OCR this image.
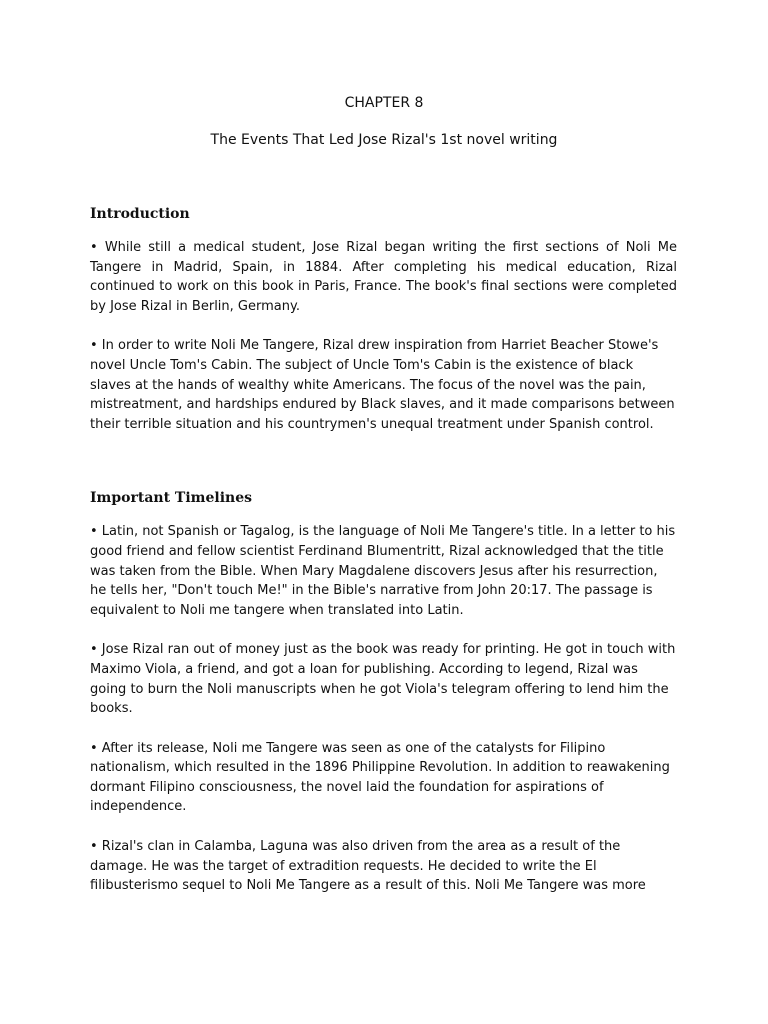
CHAPTER 8
The Events That Led Jose Rizal's 1st novel writing
Introduction

• While still a medical student, Jose Rizal began writing the first sections of Noli Me Tangere in Madrid, Spain, in 1884. After completing his medical education, Rizal continued to work on this book in Paris, France. The book's final sections were completed by Jose Rizal in Berlin, Germany.

• In order to write Noli Me Tangere, Rizal drew inspiration from Harriet Beacher Stowe's novel Uncle Tom's Cabin. The subject of Uncle Tom's Cabin is the existence of black slaves at the hands of wealthy white Americans. The focus of the novel was the pain, mistreatment, and hardships endured by Black slaves, and it made comparisons between their terrible situation and his countrymen's unequal treatment under Spanish control.

Important Timelines

• Latin, not Spanish or Tagalog, is the language of Noli Me Tangere's title. In a letter to his good friend and fellow scientist Ferdinand Blumentritt, Rizal acknowledged that the title was taken from the Bible. When Mary Magdalene discovers Jesus after his resurrection, he tells her, "Don't touch Me!" in the Bible's narrative from John 20:17. The passage is equivalent to Noli me tangere when translated into Latin.

• Jose Rizal ran out of money just as the book was ready for printing. He got in touch with Maximo Viola, a friend, and got a loan for publishing. According to legend, Rizal was going to burn the Noli manuscripts when he got Viola's telegram offering to lend him the books.

• After its release, Noli me Tangere was seen as one of the catalysts for Filipino nationalism, which resulted in the 1896 Philippine Revolution. In addition to reawakening dormant Filipino consciousness, the novel laid the foundation for aspirations of independence.

• Rizal's clan in Calamba, Laguna was also driven from the area as a result of the damage. He was the target of extradition requests. He decided to write the El filibusterismo sequel to Noli Me Tangere as a result of this. Noli Me Tangere was more
